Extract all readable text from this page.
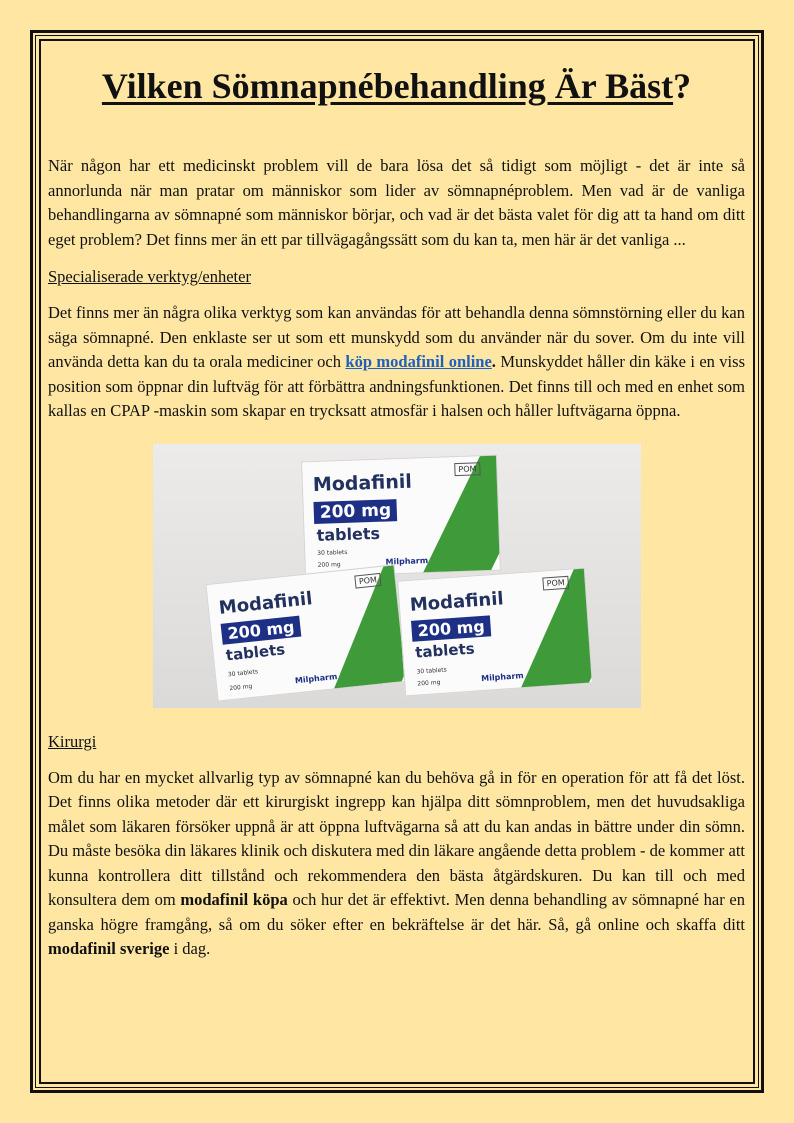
Vilken Sömnapnébehandling Är Bäst?

När någon har ett medicinskt problem vill de bara lösa det så tidigt som möjligt - det är inte så annorlunda när man pratar om människor som lider av sömnapnéproblem. Men vad är de vanliga behandlingarna av sömnapné som människor börjar, och vad är det bästa valet för dig att ta hand om ditt eget problem? Det finns mer än ett par tillvägagångssätt som du kan ta, men här är det vanliga ...

Specialiserade verktyg/enheter

Det finns mer än några olika verktyg som kan användas för att behandla denna sömnstörning eller du kan säga sömnapné. Den enklaste ser ut som ett munskydd som du använder när du sover. Om du inte vill använda detta kan du ta orala mediciner och köp modafinil online. Munskyddet håller din käke i en viss position som öppnar din luftväg för att förbättra andningsfunktionen. Det finns till och med en enhet som kallas en CPAP -maskin som skapar en trycksatt atmosfär i halsen och håller luftvägarna öppna.

Modafinil
200 mg
tablets
POM
30 tablets
200 mg	Milpharm
Modafinil
200 mg
tablets
POM
30 tablets
200 mg
Milpharm
Modafinil
200 mg
tablets
POM
30 tablets
200 mg
Milpharm
Kirurgi

Om du har en mycket allvarlig typ av sömnapné kan du behöva gå in för en operation för att få det löst. Det finns olika metoder där ett kirurgiskt ingrepp kan hjälpa ditt sömnproblem, men det huvudsakliga målet som läkaren försöker uppnå är att öppna luftvägarna så att du kan andas in bättre under din sömn. Du måste besöka din läkares klinik och diskutera med din läkare angående detta problem - de kommer att kunna kontrollera ditt tillstånd och rekommendera den bästa åtgärdskuren. Du kan till och med konsultera dem om modafinil köpa och hur det är effektivt. Men denna behandling av sömnapné har en ganska högre framgång, så om du söker efter en bekräftelse är det här. Så, gå online och skaffa ditt modafinil sverige i dag.
